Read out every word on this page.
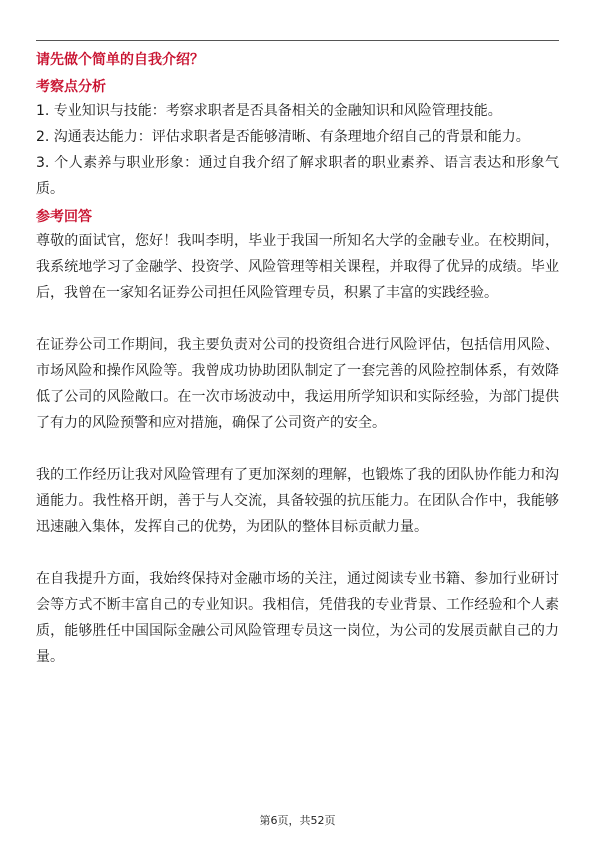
请先做个简单的自我介绍？

考察点分析

1. 专业知识与技能：考察求职者是否具备相关的金融知识和风险管理技能。

2. 沟通表达能力：评估求职者是否能够清晰、有条理地介绍自己的背景和能力。

3. 个人素养与职业形象：通过自我介绍了解求职者的职业素养、语言表达和形象气质。

参考回答

尊敬的面试官，您好！我叫李明，毕业于我国一所知名大学的金融专业。在校期间，我系统地学习了金融学、投资学、风险管理等相关课程，并取得了优异的成绩。毕业后，我曾在一家知名证券公司担任风险管理专员，积累了丰富的实践经验。

在证券公司工作期间，我主要负责对公司的投资组合进行风险评估，包括信用风险、市场风险和操作风险等。我曾成功协助团队制定了一套完善的风险控制体系，有效降低了公司的风险敞口。在一次市场波动中，我运用所学知识和实际经验，为部门提供了有力的风险预警和应对措施，确保了公司资产的安全。

我的工作经历让我对风险管理有了更加深刻的理解，也锻炼了我的团队协作能力和沟通能力。我性格开朗，善于与人交流，具备较强的抗压能力。在团队合作中，我能够迅速融入集体，发挥自己的优势，为团队的整体目标贡献力量。

在自我提升方面，我始终保持对金融市场的关注，通过阅读专业书籍、参加行业研讨会等方式不断丰富自己的专业知识。我相信，凭借我的专业背景、工作经验和个人素质，能够胜任中国国际金融公司风险管理专员这一岗位，为公司的发展贡献自己的力量。

第6页，共52页
